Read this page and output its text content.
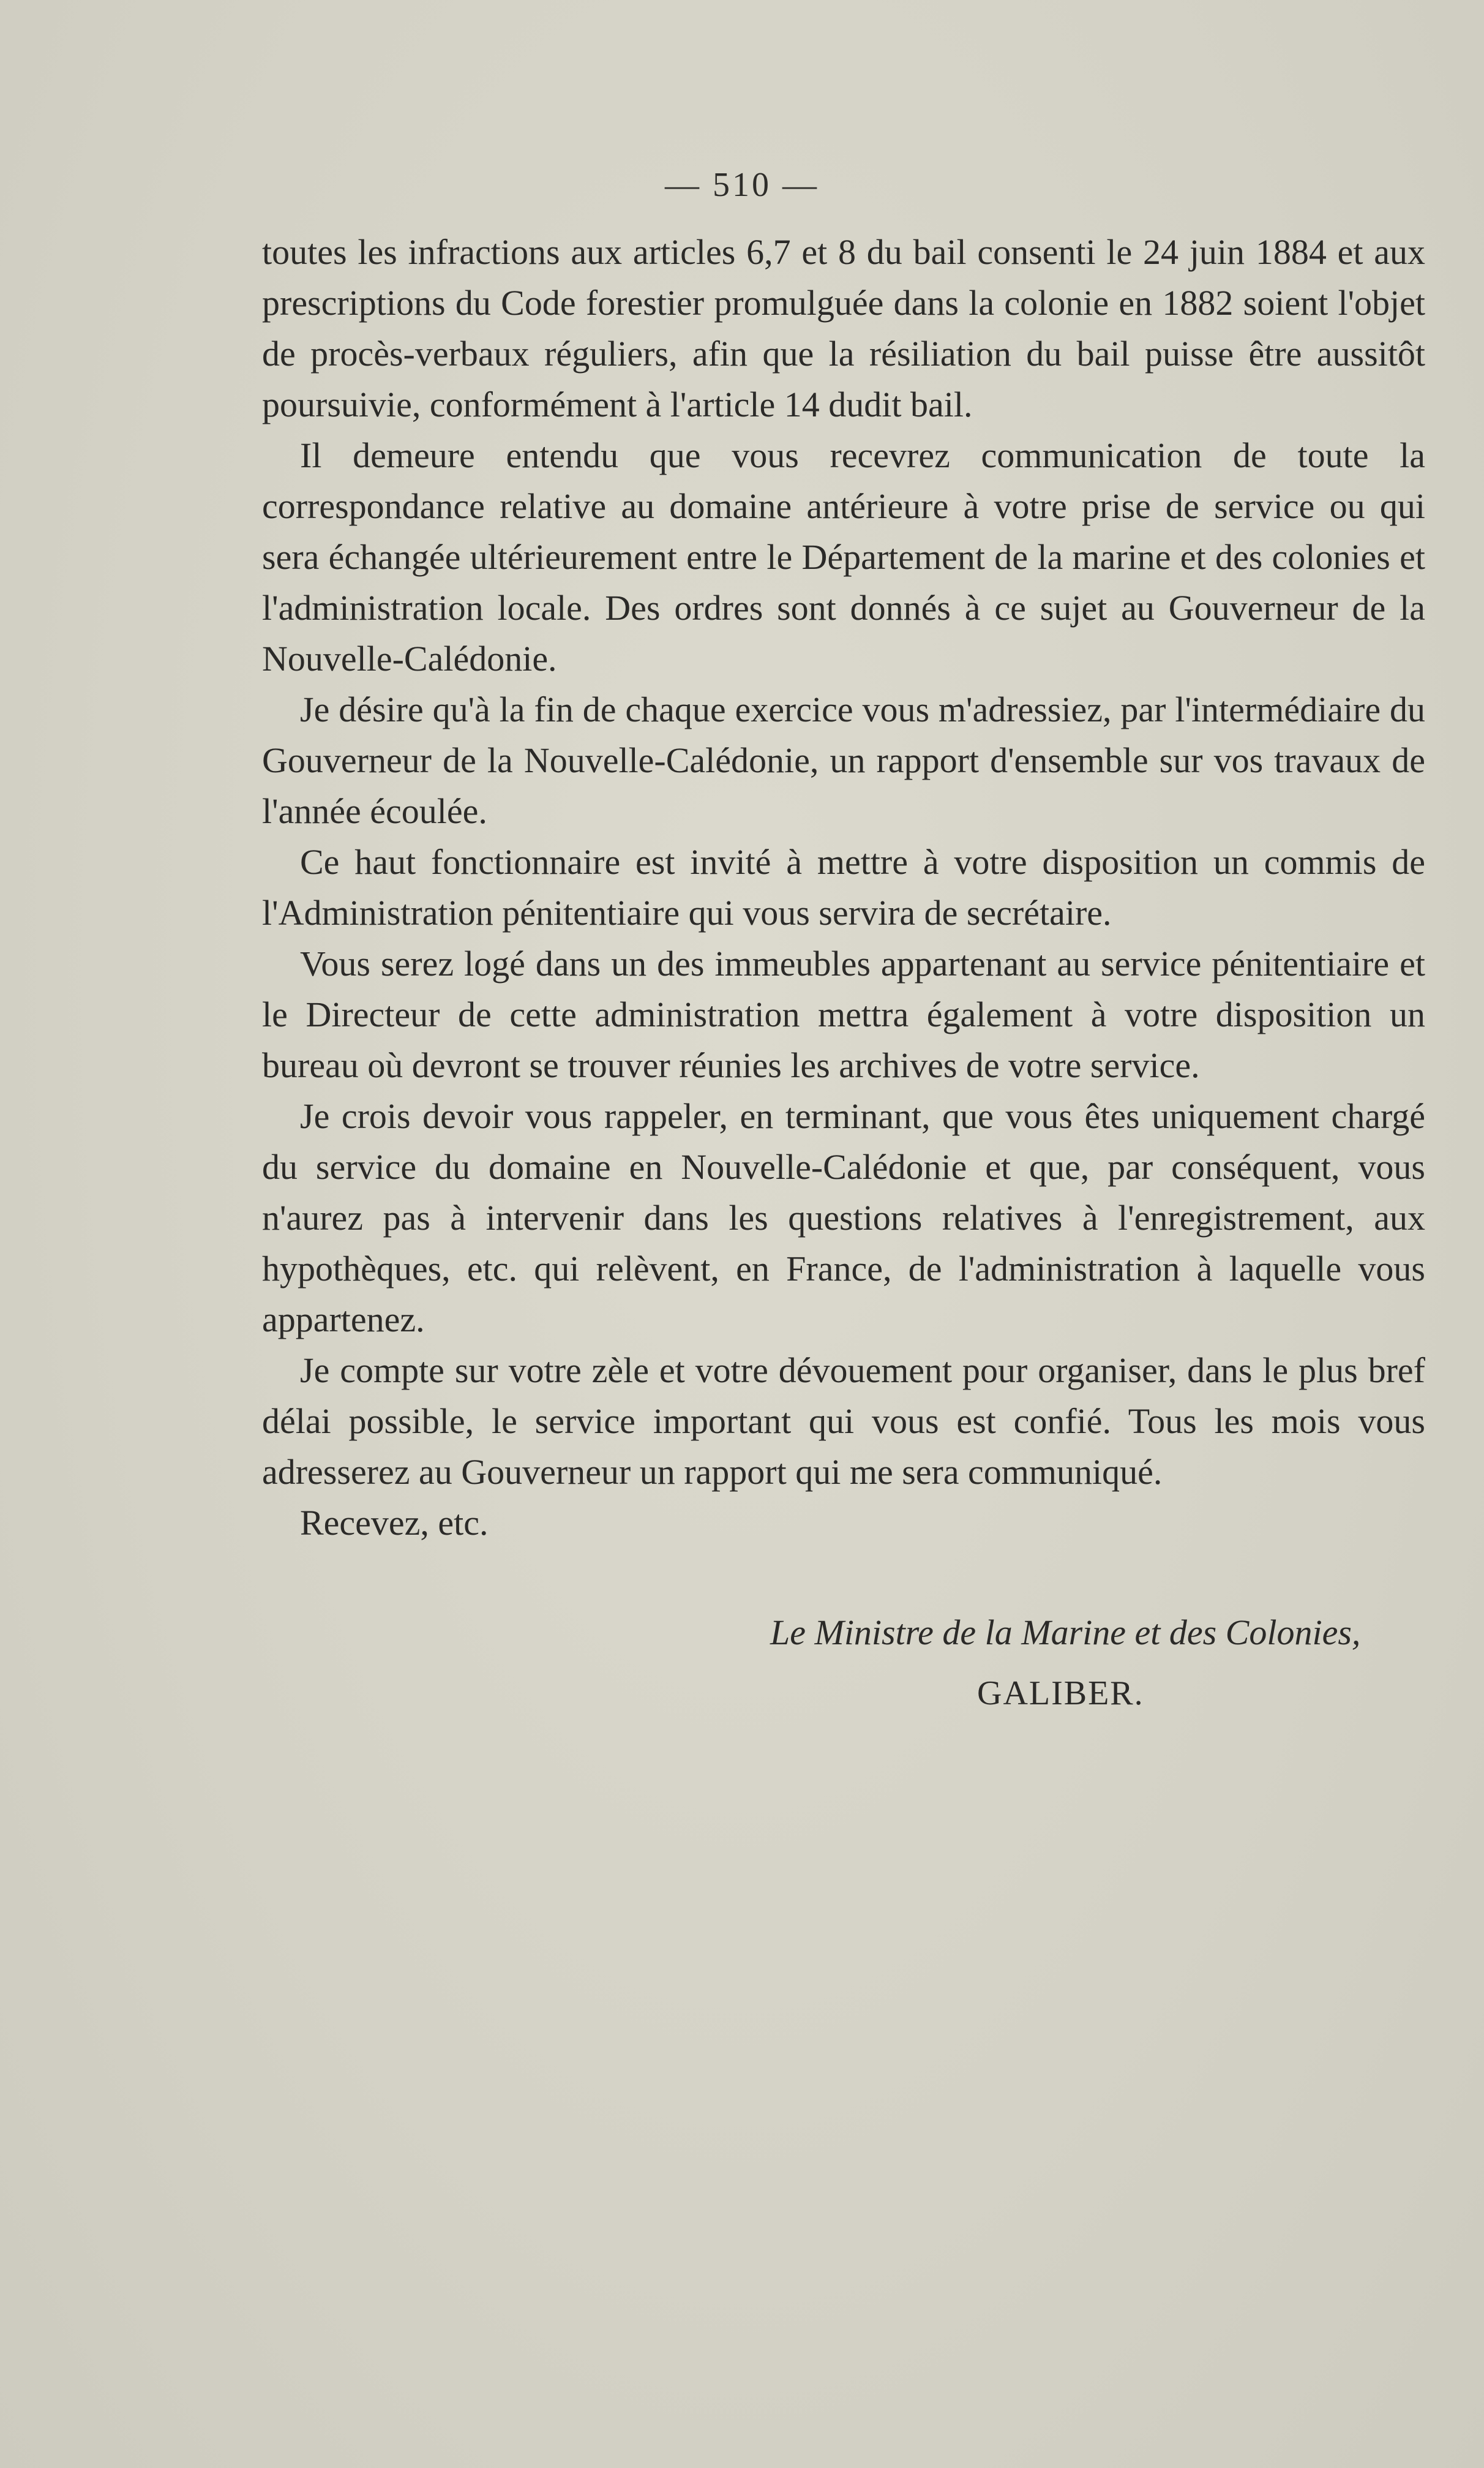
— 510 —

toutes les infractions aux articles 6,7 et 8 du bail consenti le 24 juin 1884 et aux prescriptions du Code forestier promulguée dans la colonie en 1882 soient l'objet de procès-verbaux réguliers, afin que la résiliation du bail puisse être aussitôt poursuivie, conformément à l'article 14 dudit bail.

Il demeure entendu que vous recevrez communication de toute la correspondance relative au domaine antérieure à votre prise de service ou qui sera échangée ultérieurement entre le Département de la marine et des colonies et l'administration locale. Des ordres sont donnés à ce sujet au Gouverneur de la Nouvelle-Calédonie.

Je désire qu'à la fin de chaque exercice vous m'adressiez, par l'intermédiaire du Gouverneur de la Nouvelle-Calédonie, un rapport d'ensemble sur vos travaux de l'année écoulée.

Ce haut fonctionnaire est invité à mettre à votre disposition un commis de l'Administration pénitentiaire qui vous servira de secrétaire.

Vous serez logé dans un des immeubles appartenant au service pénitentiaire et le Directeur de cette administration mettra également à votre disposition un bureau où devront se trouver réunies les archives de votre service.

Je crois devoir vous rappeler, en terminant, que vous êtes uniquement chargé du service du domaine en Nouvelle-Calédonie et que, par conséquent, vous n'aurez pas à intervenir dans les questions relatives à l'enregistrement, aux hypothèques, etc. qui relèvent, en France, de l'administration à laquelle vous appartenez.

Je compte sur votre zèle et votre dévouement pour organiser, dans le plus bref délai possible, le service important qui vous est confié. Tous les mois vous adresserez au Gouverneur un rapport qui me sera communiqué.

Recevez, etc.

Le Ministre de la Marine et des Colonies,
GALIBER.
